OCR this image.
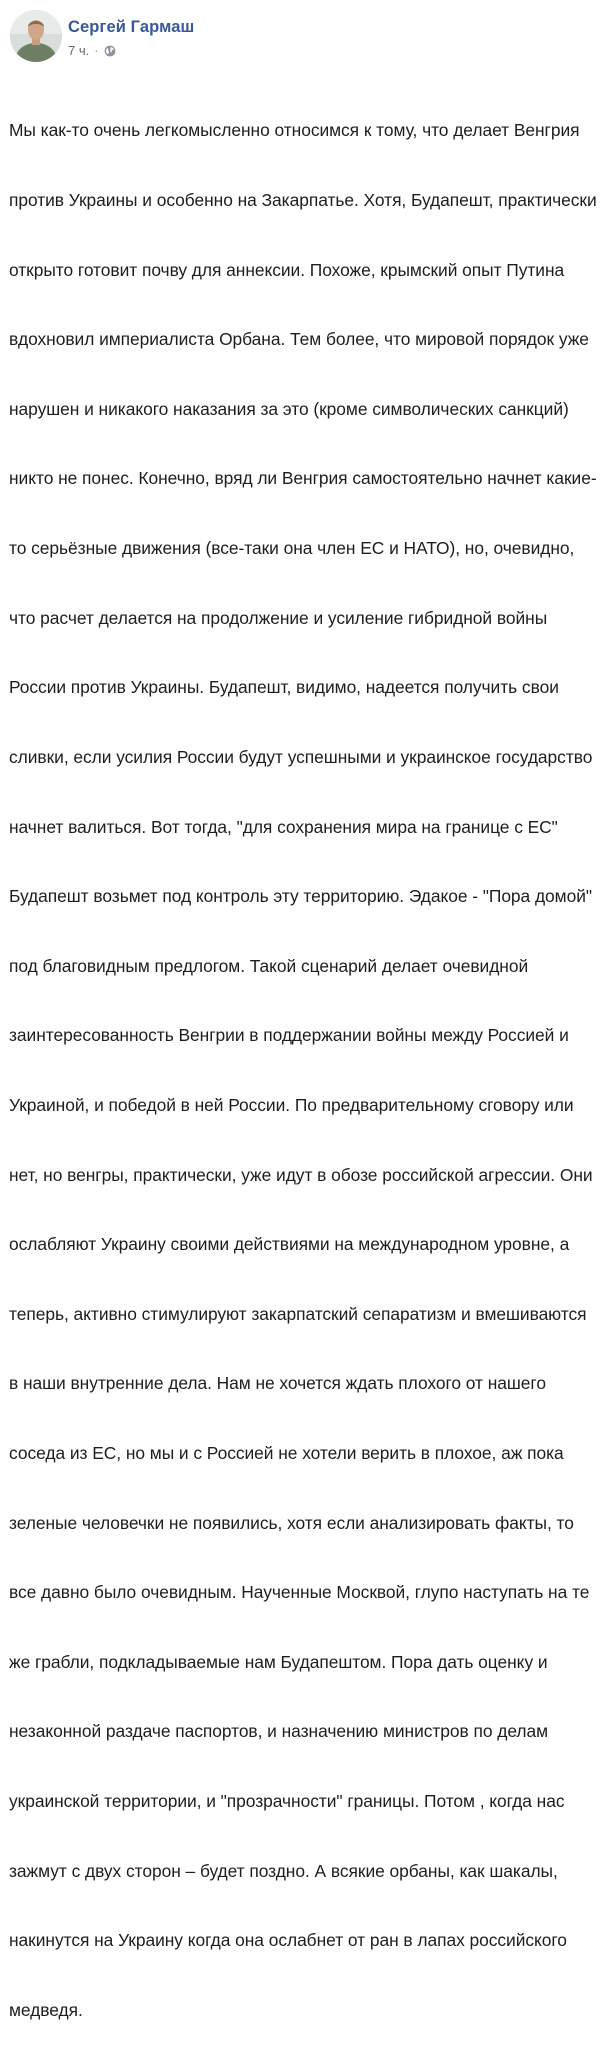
Сергей Гармаш
7 ч. ·

Мы как-то очень легкомысленно относимся к тому, что делает Венгрия

против Украины и особенно на Закарпатье. Хотя, Будапешт, практически

открыто готовит почву для аннексии. Похоже, крымский опыт Путина

вдохновил империалиста Орбана. Тем более, что мировой порядок уже

нарушен и никакого наказания за это (кроме символических санкций)

никто не понес. Конечно, вряд ли Венгрия самостоятельно начнет какие-

то серьёзные движения (все-таки она член ЕС и НАТО), но, очевидно,

что расчет делается на продолжение и усиление гибридной войны

России против Украины. Будапешт, видимо, надеется получить свои

сливки, если усилия России будут успешными и украинское государство

начнет валиться. Вот тогда, "для сохранения мира на границе с ЕС"

Будапешт возьмет под контроль эту территорию. Эдакое - "Пора домой"

под благовидным предлогом. Такой сценарий делает очевидной

заинтересованность Венгрии в поддержании войны между Россией и

Украиной, и победой в ней России. По предварительному сговору или

нет, но венгры, практически, уже идут в обозе российской агрессии. Они

ослабляют Украину своими действиями на международном уровне, а

теперь, активно стимулируют закарпатский сепаратизм и вмешиваются

в наши внутренние дела. Нам не хочется ждать плохого от нашего

соседа из ЕС, но мы и с Россией не хотели верить в плохое, аж пока

зеленые человечки не появились, хотя если анализировать факты, то

все давно было очевидным. Наученные Москвой, глупо наступать на те

же грабли, подкладываемые нам Будапештом. Пора дать оценку и

незаконной раздаче паспортов, и назначению министров по делам

украинской территории, и "прозрачности" границы. Потом , когда нас

зажмут с двух сторон – будет поздно. А всякие орбаны, как шакалы,

накинутся на Украину когда она ослабнет от ран в лапах российского

медведя.
